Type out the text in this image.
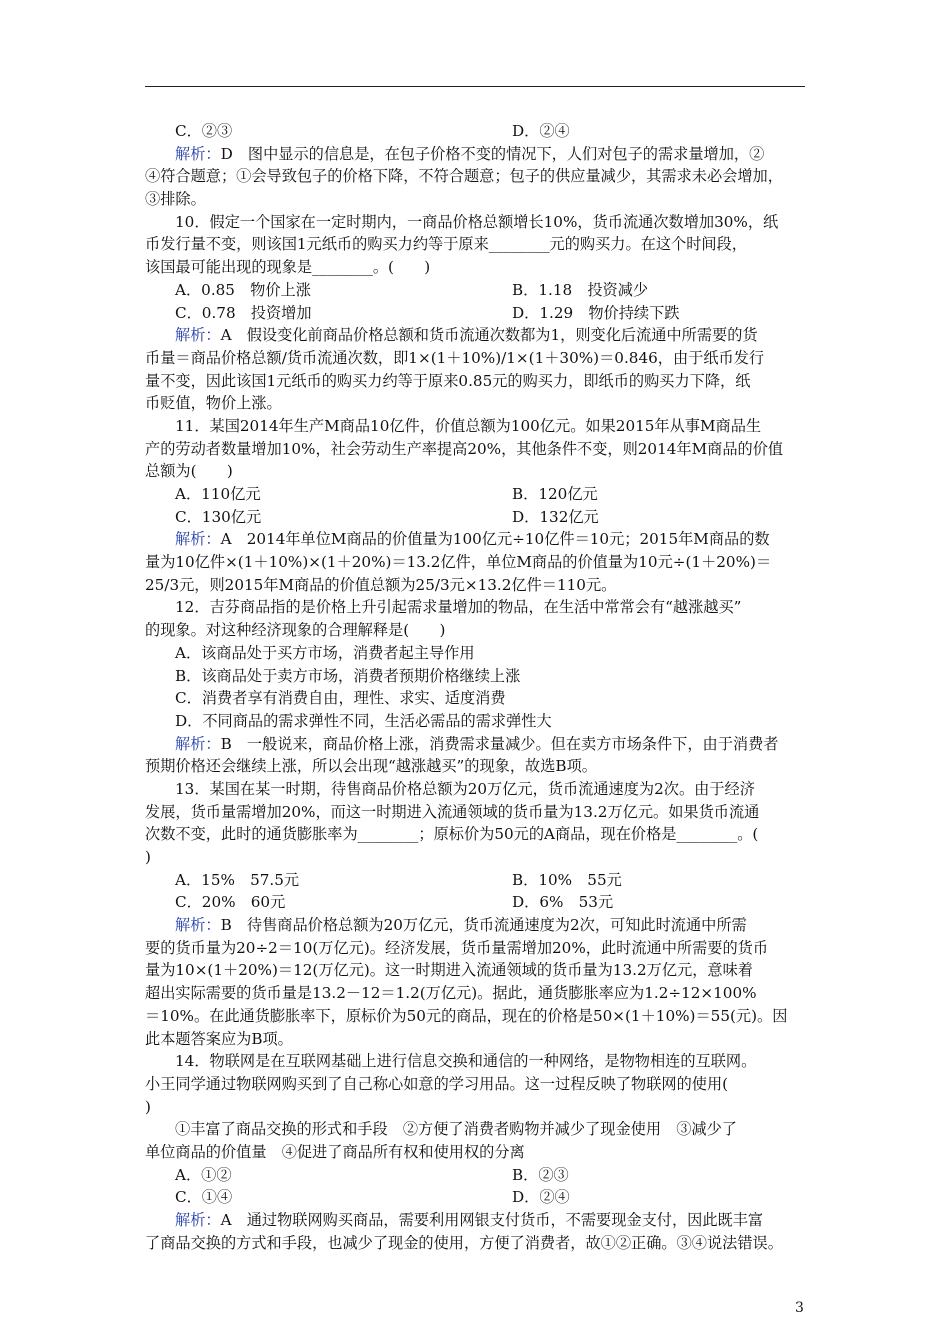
C．②③	D．②④
解析：D　图中显示的信息是，在包子价格不变的情况下，人们对包子的需求量增加，②
④符合题意；①会导致包子的价格下降，不符合题意；包子的供应量减少，其需求未必会增加，
③排除。
10．假定一个国家在一定时期内，一商品价格总额增长10%，货币流通次数增加30%，纸
币发行量不变，则该国1元纸币的购买力约等于原来________元的购买力。在这个时间段，
该国最可能出现的现象是________。(　　)
A．0.85　物价上涨	B．1.18　投资减少
C．0.78　投资增加	D．1.29　物价持续下跌
解析：A　假设变化前商品价格总额和货币流通次数都为1，则变化后流通中所需要的货
币量＝商品价格总额/货币流通次数，即1×(1＋10%)/1×(1＋30%)＝0.846，由于纸币发行
量不变，因此该国1元纸币的购买力约等于原来0.85元的购买力，即纸币的购买力下降，纸
币贬值，物价上涨。
11．某国2014年生产M商品10亿件，价值总额为100亿元。如果2015年从事M商品生
产的劳动者数量增加10%，社会劳动生产率提高20%，其他条件不变，则2014年M商品的价值
总额为(　　)
A．110亿元	B．120亿元
C．130亿元	D．132亿元
解析：A　2014年单位M商品的价值量为100亿元÷10亿件＝10元；2015年M商品的数
量为10亿件×(1＋10%)×(1＋20%)＝13.2亿件，单位M商品的价值量为10元÷(1＋20%)＝
25/3元，则2015年M商品的价值总额为25/3元×13.2亿件＝110元。
12．吉芬商品指的是价格上升引起需求量增加的物品，在生活中常常会有“越涨越买”
的现象。对这种经济现象的合理解释是(　　)
A．该商品处于买方市场，消费者起主导作用
B．该商品处于卖方市场，消费者预期价格继续上涨
C．消费者享有消费自由，理性、求实、适度消费
D．不同商品的需求弹性不同，生活必需品的需求弹性大
解析：B　一般说来，商品价格上涨，消费需求量减少。但在卖方市场条件下，由于消费者
预期价格还会继续上涨，所以会出现“越涨越买”的现象，故选B项。
13．某国在某一时期，待售商品价格总额为20万亿元，货币流通速度为2次。由于经济
发展，货币量需增加20%，而这一时期进入流通领域的货币量为13.2万亿元。如果货币流通
次数不变，此时的通货膨胀率为________；原标价为50元的A商品，现在价格是________。(
)
A．15%　57.5元	B．10%　55元
C．20%　60元	D．6%　53元
解析：B　待售商品价格总额为20万亿元，货币流通速度为2次，可知此时流通中所需
要的货币量为20÷2＝10(万亿元)。经济发展，货币量需增加20%，此时流通中所需要的货币
量为10×(1＋20%)＝12(万亿元)。这一时期进入流通领域的货币量为13.2万亿元，意味着
超出实际需要的货币量是13.2－12＝1.2(万亿元)。据此，通货膨胀率应为1.2÷12×100%
＝10%。在此通货膨胀率下，原标价为50元的商品，现在的价格是50×(1＋10%)＝55(元)。因
此本题答案应为B项。
14．物联网是在互联网基础上进行信息交换和通信的一种网络，是物物相连的互联网。
小王同学通过物联网购买到了自己称心如意的学习用品。这一过程反映了物联网的使用(
)
①丰富了商品交换的形式和手段　②方便了消费者购物并减少了现金使用　③减少了
单位商品的价值量　④促进了商品所有权和使用权的分离
A．①②	B．②③
C．①④	D．②④
解析：A　通过物联网购买商品，需要利用网银支付货币，不需要现金支付，因此既丰富
了商品交换的方式和手段，也减少了现金的使用，方便了消费者，故①②正确。③④说法错误。
3
